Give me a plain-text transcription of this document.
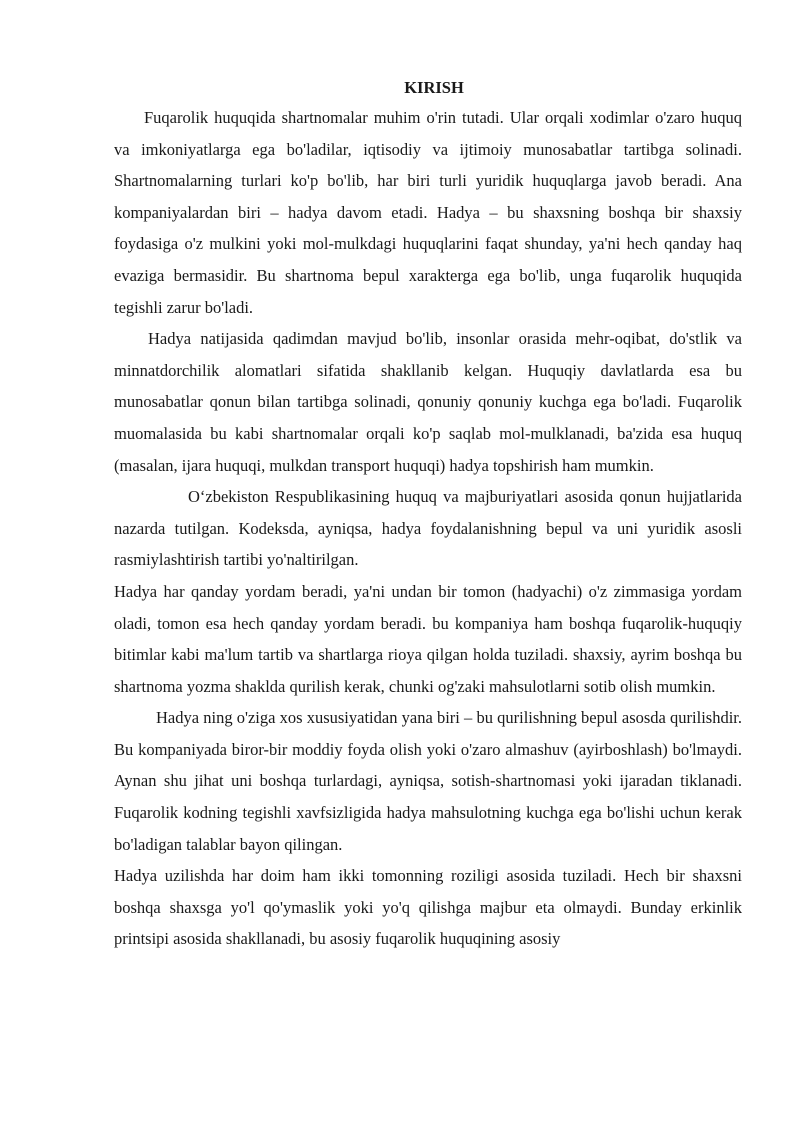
KIRISH

Fuqarolik huquqida shartnomalar muhim o'rin tutadi. Ular orqali xodimlar o'zaro huquq va imkoniyatlarga ega bo'ladilar, iqtisodiy va ijtimoiy munosabatlar tartibga solinadi. Shartnomalarning turlari ko'p bo'lib, har biri turli yuridik huquqlarga javob beradi. Ana kompaniyalardan biri – hadya davom etadi. Hadya – bu shaxsning boshqa bir shaxsiy foydasiga o'z mulkini yoki mol-mulkdagi huquqlarini faqat shunday, ya'ni hech qanday haq evaziga bermasidir. Bu shartnoma bepul xarakterga ega bo'lib, unga fuqarolik huquqida tegishli zarur bo'ladi.

Hadya natijasida qadimdan mavjud bo'lib, insonlar orasida mehr-oqibat, do'stlik va minnatdorchilik alomatlari sifatida shakllanib kelgan. Huquqiy davlatlarda esa bu munosabatlar qonun bilan tartibga solinadi, qonuniy qonuniy kuchga ega bo'ladi. Fuqarolik muomalasida bu kabi shartnomalar orqali ko'p saqlab mol-mulklanadi, ba'zida esa huquq (masalan, ijara huquqi, mulkdan transport huquqi) hadya topshirish ham mumkin.

O‘zbekiston Respublikasining huquq va majburiyatlari asosida qonun hujjatlarida nazarda tutilgan. Kodeksda, ayniqsa, hadya foydalanishning bepul va uni yuridik asosli rasmiylashtirish tartibi yo'naltirilgan.

Hadya har qanday yordam beradi, ya'ni undan bir tomon (hadyachi) o'z zimmasiga yordam oladi, tomon esa hech qanday yordam beradi. bu kompaniya ham boshqa fuqarolik-huquqiy bitimlar kabi ma'lum tartib va shartlarga rioya qilgan holda tuziladi. shaxsiy, ayrim boshqa bu shartnoma yozma shaklda qurilish kerak, chunki og'zaki mahsulotlarni sotib olish mumkin.

Hadya ning o'ziga xos xususiyatidan yana biri – bu qurilishning bepul asosda qurilishdir. Bu kompaniyada biror-bir moddiy foyda olish yoki o'zaro almashuv (ayirboshlash) bo'lmaydi. Aynan shu jihat uni boshqa turlardagi, ayniqsa, sotish-shartnomasi yoki ijaradan tiklanadi. Fuqarolik kodning tegishli xavfsizligida hadya mahsulotning kuchga ega bo'lishi uchun kerak bo'ladigan talablar bayon qilingan.

Hadya uzilishda har doim ham ikki tomonning roziligi asosida tuziladi. Hech bir shaxsni boshqa shaxsga yo'l qo'ymaslik yoki yo'q qilishga majbur eta olmaydi. Bunday erkinlik printsipi asosida shakllanadi, bu asosiy fuqarolik huquqining asosiy
